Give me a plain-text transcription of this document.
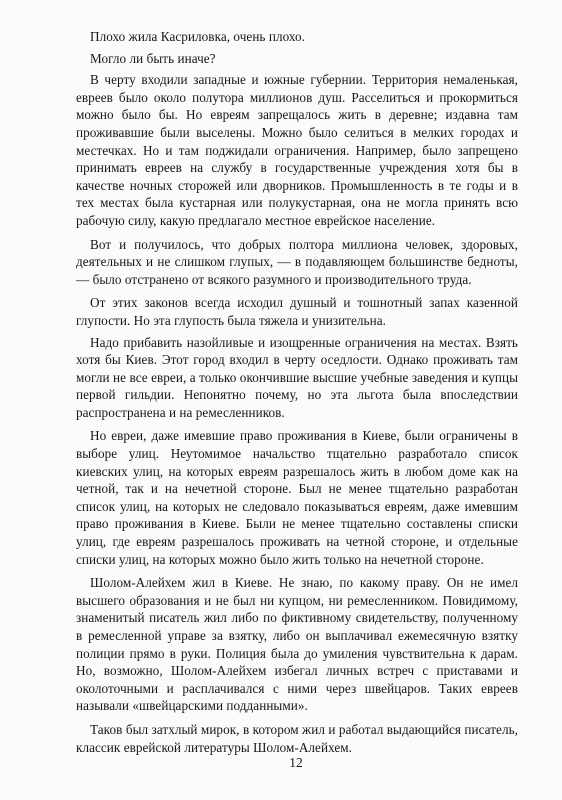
Плохо жила Касриловка, очень плохо.

Могло ли быть иначе?

В черту входили западные и южные губернии. Территория немаленькая, евреев было около полутора миллионов душ. Расселиться и прокормиться можно было бы. Но евреям запрещалось жить в деревне; издавна там проживавшие были выселены. Можно было селиться в мелких городах и местечках. Но и там поджидали ограничения. Например, было запрещено принимать евреев на службу в государственные учреждения хотя бы в качестве ночных сторожей или дворников. Промышленность в те годы и в тех местах была кустарная или полукустарная, она не могла принять всю рабочую силу, какую предлагало местное еврейское население.

Вот и получилось, что добрых полтора миллиона человек, здоровых, деятельных и не слишком глупых, — в подавляющем большинстве бедноты, — было отстранено от всякого разумного и производительного труда.

От этих законов всегда исходил душный и тошнотный запах казенной глупости. Но эта глупость была тяжела и унизительна.

Надо прибавить назойливые и изощренные ограничения на местах. Взять хотя бы Киев. Этот город входил в черту оседлости. Однако проживать там могли не все евреи, а только окончившие высшие учебные заведения и купцы первой гильдии. Непонятно почему, но эта льгота была впоследствии распространена и на ремесленников.

Но евреи, даже имевшие право проживания в Киеве, были ограничены в выборе улиц. Неутомимое начальство тщательно разработало список киевских улиц, на которых евреям разрешалось жить в любом доме как на четной, так и на нечетной стороне. Был не менее тщательно разработан список улиц, на которых не следовало показываться евреям, даже имевшим право проживания в Киеве. Были не менее тщательно составлены списки улиц, где евреям разрешалось проживать на четной стороне, и отдельные списки улиц, на которых можно было жить только на нечетной стороне.

Шолом-Алейхем жил в Киеве. Не знаю, по какому праву. Он не имел высшего образования и не был ни купцом, ни ремесленником. Повидимому, знаменитый писатель жил либо по фиктивному свидетельству, полученному в ремесленной управе за взятку, либо он выплачивал ежемесячную взятку полиции прямо в руки. Полиция была до умиления чувствительна к дарам. Но, возможно, Шолом-Алейхем избегал личных встреч с приставами и околоточными и расплачивался с ними через швейцаров. Таких евреев называли «швейцарскими подданными».

Таков был затхлый мирок, в котором жил и работал выдающийся писатель, классик еврейской литературы Шолом-Алейхем.

12
